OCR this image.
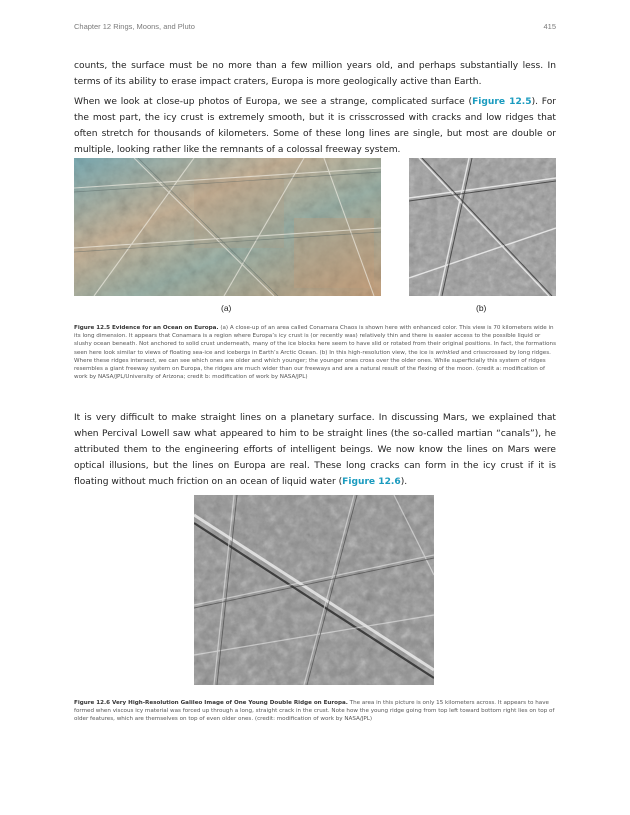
Chapter 12 Rings, Moons, and Pluto	415

counts, the surface must be no more than a few million years old, and perhaps substantially less. In terms of its ability to erase impact craters, Europa is more geologically active than Earth.

When we look at close-up photos of Europa, we see a strange, complicated surface (Figure 12.5). For the most part, the icy crust is extremely smooth, but it is crisscrossed with cracks and low ridges that often stretch for thousands of kilometers. Some of these long lines are single, but most are double or multiple, looking rather like the remnants of a colossal freeway system.

(a)	(b)

Figure 12.5 Evidence for an Ocean on Europa. (a) A close-up of an area called Conamara Chaos is shown here with enhanced color. This view is 70 kilometers wide in its long dimension. It appears that Conamara is a region where Europa’s icy crust is (or recently was) relatively thin and there is easier access to the possible liquid or slushy ocean beneath. Not anchored to solid crust underneath, many of the ice blocks here seem to have slid or rotated from their original positions. In fact, the formations seen here look similar to views of floating sea-ice and icebergs in Earth’s Arctic Ocean. (b) In this high-resolution view, the ice is wrinkled and crisscrossed by long ridges. Where these ridges intersect, we can see which ones are older and which younger; the younger ones cross over the older ones. While superficially this system of ridges resembles a giant freeway system on Europa, the ridges are much wider than our freeways and are a natural result of the flexing of the moon. (credit a: modification of work by NASA/JPL/University of Arizona; credit b: modification of work by NASA/JPL)

It is very difficult to make straight lines on a planetary surface. In discussing Mars, we explained that when Percival Lowell saw what appeared to him to be straight lines (the so-called martian “canals”), he attributed them to the engineering efforts of intelligent beings. We now know the lines on Mars were optical illusions, but the lines on Europa are real. These long cracks can form in the icy crust if it is floating without much friction on an ocean of liquid water (Figure 12.6).

Figure 12.6 Very High-Resolution Galileo Image of One Young Double Ridge on Europa. The area in this picture is only 15 kilometers across. It appears to have formed when viscous icy material was forced up through a long, straight crack in the crust. Note how the young ridge going from top left toward bottom right lies on top of older features, which are themselves on top of even older ones. (credit: modification of work by NASA/JPL)
